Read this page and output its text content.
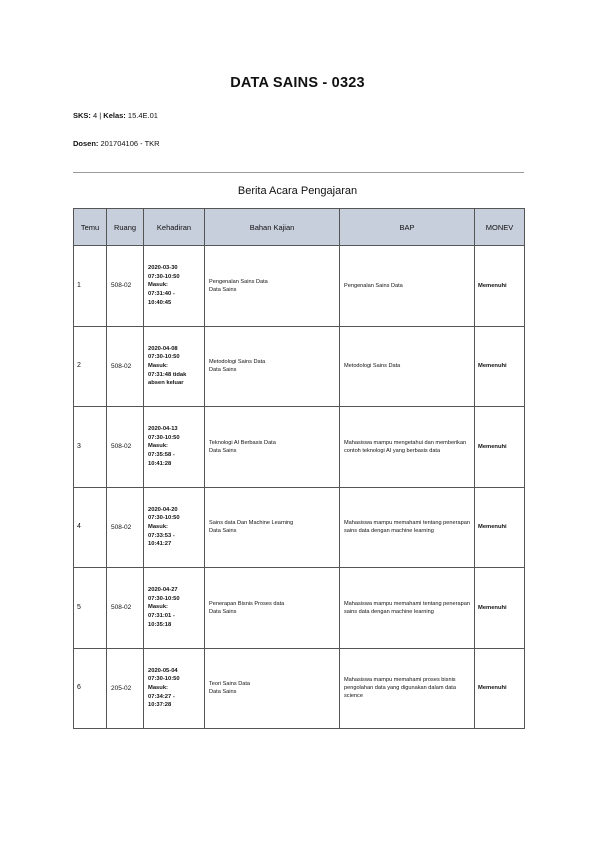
DATA SAINS - 0323
SKS: 4 | Kelas: 15.4E.01
Dosen: 201704106 - TKR
Berita Acara Pengajaran
Temu	Ruang	Kehadiran	Bahan Kajian	BAP	MONEV
1	508-02	2020-03-30
07:30-10:50
Masuk:
07:31:40 -
10:40:45	Pengenalan Sains Data
Data Sains	Pengenalan Sains Data	Memenuhi
2	508-02	2020-04-08
07:30-10:50
Masuk:
07:31:48 tidak
absen keluar	Metodologi Sains Data
Data Sains	Metodologi Sains Data	Memenuhi
3	508-02	2020-04-13
07:30-10:50
Masuk:
07:35:58 -
10:41:28	Teknologi AI Berbasis Data
Data Sains	Mahasiswa mampu mengetahui dan memberikan contoh teknologi AI yang berbasis data	Memenuhi
4	508-02	2020-04-20
07:30-10:50
Masuk:
07:33:53 -
10:41:27	Sains data Dan Machine Learning
Data Sains	Mahasiswa mampu memahami tentang penerapan sains data dengan machine learning	Memenuhi
5	508-02	2020-04-27
07:30-10:50
Masuk:
07:31:01 -
10:35:18	Penerapan Bisnis Proses data
Data Sains	Mahasiswa mampu memahami tentang penerapan sains data dengan machine learning	Memenuhi
6	205-02	2020-05-04
07:30-10:50
Masuk:
07:34:27 -
10:37:28	Teori Sains Data
Data Sains	Mahasiswa mampu memahami proses bisnis pengolahan data yang digunakan dalam data science	Memenuhi
